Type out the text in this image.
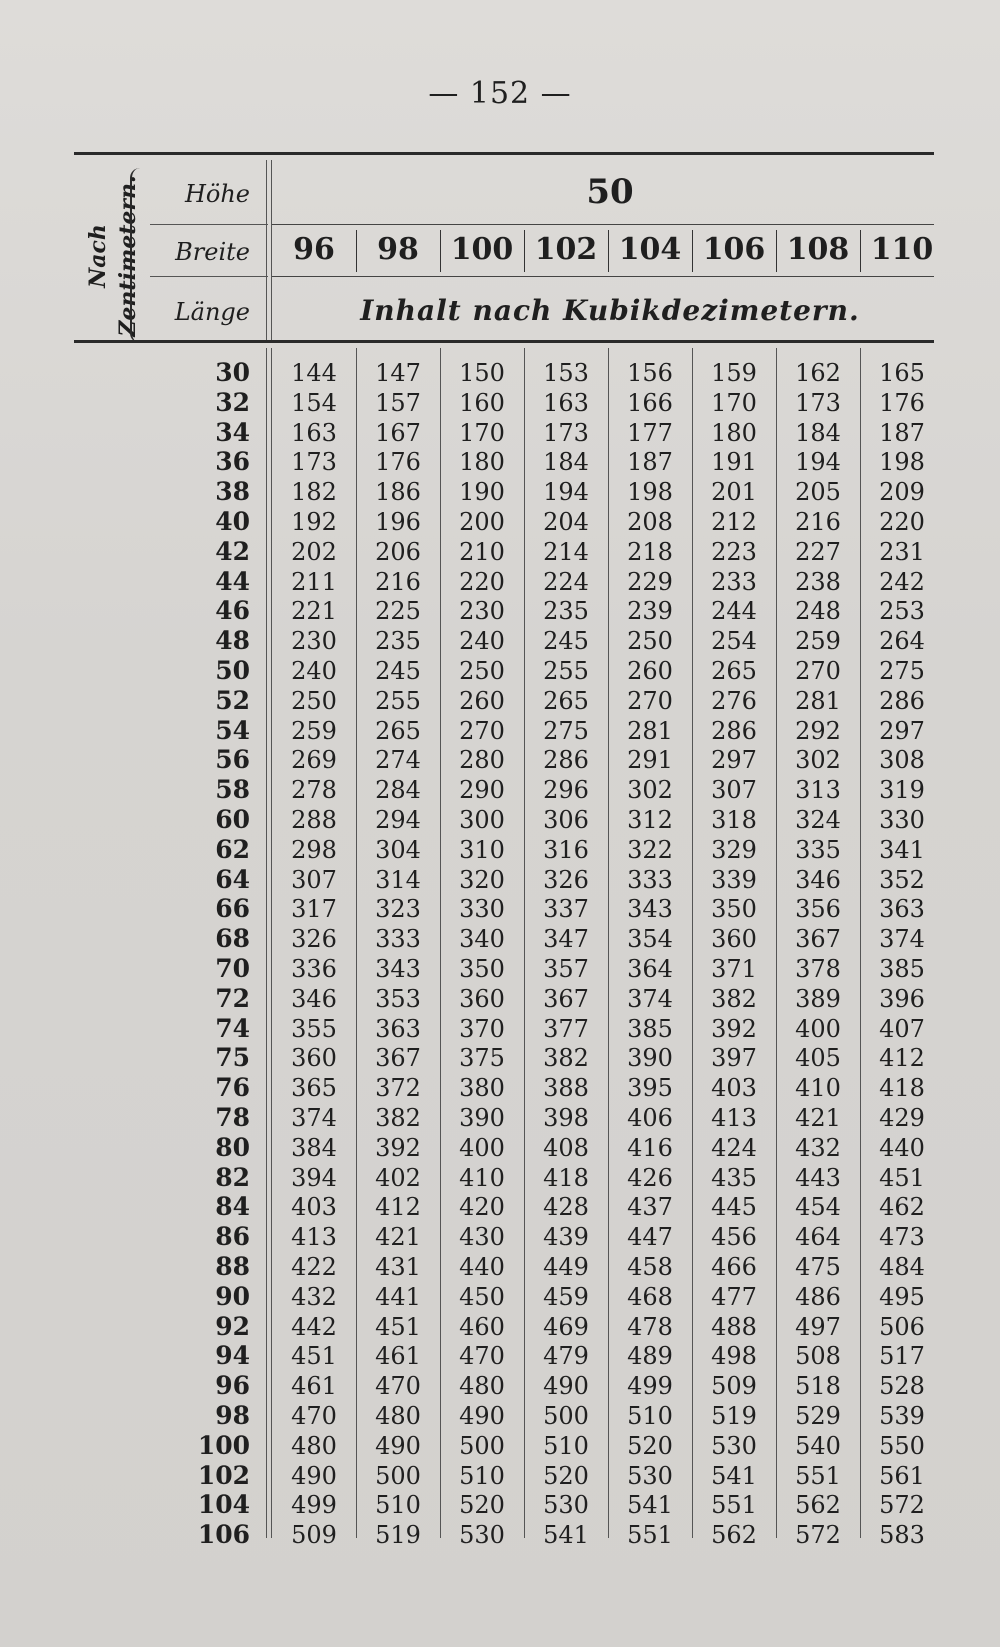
— 152 —
Nach Zentimetern.	Höhe
Breite
Länge
50
96	98	100 102 104 106 108 110
Inhalt nach Kubikdezimetern.
30	144	147	150	153	156	159	162	165
32	154	157	160	163	166	170	173	176
34	163	167	170	173	177	180	184	187
36	173	176	180	184	187	191	194	198
38	182	186	190	194	198	201	205	209
40	192	196	200	204	208	212	216	220
42	202	206	210	214	218	223	227	231
44	211	216	220	224	229	233	238	242
46	221	225	230	235	239	244	248	253
48	230	235	240	245	250	254	259	264
50	240	245	250	255	260	265	270	275
52	250	255	260	265	270	276	281	286
54	259	265	270	275	281	286	292	297
56	269	274	280	286	291	297	302	308
58	278	284	290	296	302	307	313	319
60	288	294	300	306	312	318	324	330
62	298	304	310	316	322	329	335	341
64	307	314	320	326	333	339	346	352
66	317	323	330	337	343	350	356	363
68	326	333	340	347	354	360	367	374
70	336	343	350	357	364	371	378	385
72	346	353	360	367	374	382	389	396
74	355	363	370	377	385	392	400	407
75	360	367	375	382	390	397	405	412
76	365	372	380	388	395	403	410	418
78	374	382	390	398	406	413	421	429
80	384	392	400	408	416	424	432	440
82	394	402	410	418	426	435	443	451
84	403	412	420	428	437	445	454	462
86	413	421	430	439	447	456	464	473
88	422	431	440	449	458	466	475	484
90	432	441	450	459	468	477	486	495
92	442	451	460	469	478	488	497	506
94	451	461	470	479	489	498	508	517
96	461	470	480	490	499	509	518	528
98	470	480	490	500	510	519	529	539
100	480	490	500	510	520	530	540	550
102	490	500	510	520	530	541	551	561
104	499	510	520	530	541	551	562	572
106	509	519	530	541	551	562	572	583
